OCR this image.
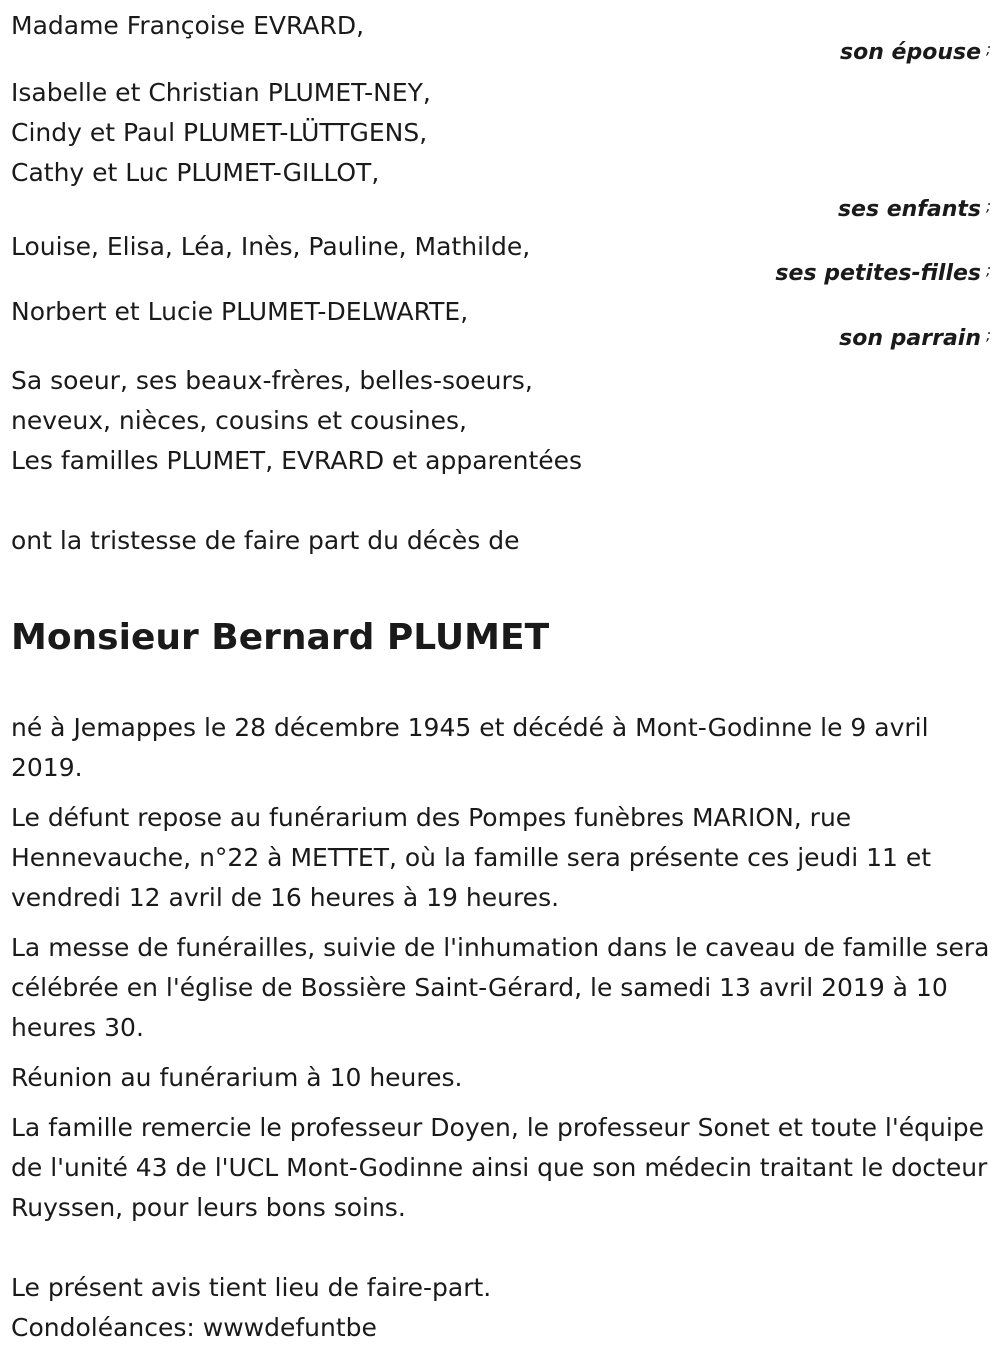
Madame Françoise EVRARD,
son épouse ;
Isabelle et Christian PLUMET-NEY,
Cindy et Paul PLUMET-LÜTTGENS,
Cathy et Luc PLUMET-GILLOT,
ses enfants ;
Louise, Elisa, Léa, Inès, Pauline, Mathilde,
ses petites-filles ;
Norbert et Lucie PLUMET-DELWARTE,
son parrain ;
Sa soeur, ses beaux-frères, belles-soeurs,
neveux, nièces, cousins et cousines,
Les familles PLUMET, EVRARD et apparentées
ont la tristesse de faire part du décès de
Monsieur Bernard PLUMET

né à Jemappes le 28 décembre 1945 et décédé à Mont-Godinne le 9 avril 2019.

Le défunt repose au funérarium des Pompes funèbres MARION, rue Hennevauche, n°22 à METTET, où la famille sera présente ces jeudi 11 et vendredi 12 avril de 16 heures à 19 heures.

La messe de funérailles, suivie de l'inhumation dans le caveau de famille sera célébrée en l'église de Bossière Saint-Gérard, le samedi 13 avril 2019 à 10 heures 30.

Réunion au funérarium à 10 heures.

La famille remercie le professeur Doyen, le professeur Sonet et toute l'équipe de l'unité 43 de l'UCL Mont-Godinne ainsi que son médecin traitant le docteur Ruyssen, pour leurs bons soins.

Le présent avis tient lieu de faire-part.
Condoléances: wwwdefuntbe
